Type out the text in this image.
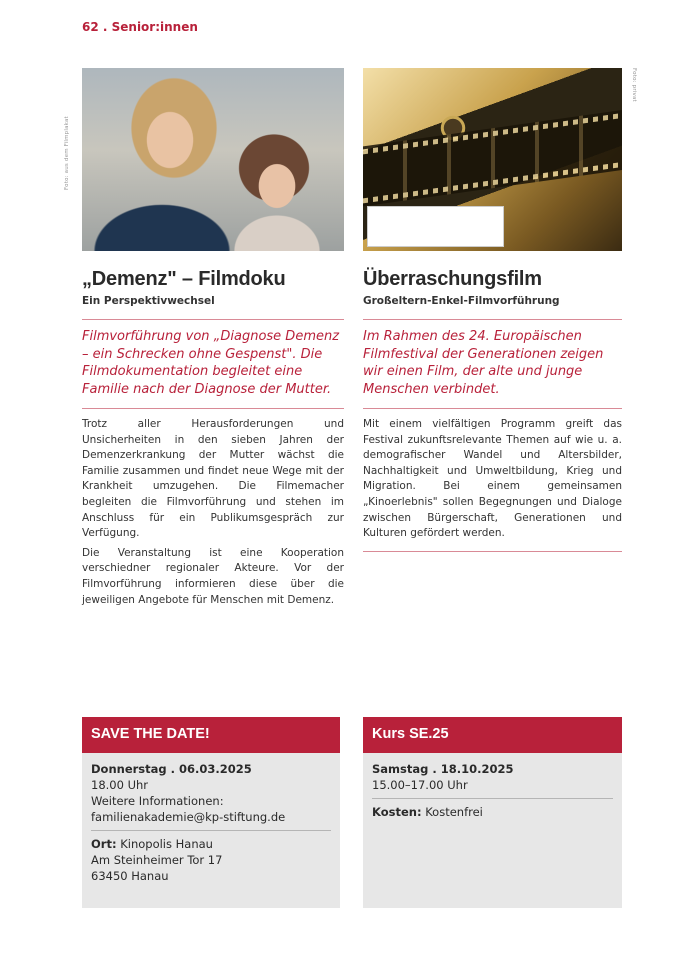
62 . Senior:innen
Foto: aus dem Filmplakat
Foto: privat
„Demenz" – Filmdoku
Ein Perspektivwechsel

Filmvorführung von „Diagnose Demenz – ein Schrecken ohne Gespenst". Die Filmdokumentation begleitet eine Familie nach der Diagnose der Mutter.

Trotz aller Herausforderungen und Unsicherheiten in den sieben Jahren der Demenzerkrankung der Mutter wächst die Familie zusammen und findet neue Wege mit der Krankheit umzugehen. Die Filmemacher begleiten die Filmvorführung und stehen im Anschluss für ein Publikumsgespräch zur Verfügung.

Die Veranstaltung ist eine Kooperation verschiedner regionaler Akteure. Vor der Filmvorführung informieren diese über die jeweiligen Angebote für Menschen mit Demenz.

Überraschungsfilm
Großeltern-Enkel-Filmvorführung

Im Rahmen des 24. Europäischen Filmfestival der Generationen zeigen wir einen Film, der alte und junge Menschen verbindet.

Mit einem vielfältigen Programm greift das Festival zukunftsrelevante Themen auf wie u. a. demografischer Wandel und Altersbilder, Nachhaltigkeit und Umweltbildung, Krieg und Migration. Bei einem gemeinsamen „Kinoerlebnis" sollen Begegnungen und Dialoge zwischen Bürgerschaft, Generationen und Kulturen gefördert werden.

SAVE THE DATE!
Donnerstag . 06.03.2025
18.00 Uhr
Weitere Informationen:
familienakademie@kp-stiftung.de
Ort: Kinopolis Hanau
Am Steinheimer Tor 17
63450 Hanau
Kurs SE.25
Samstag . 18.10.2025
15.00–17.00 Uhr
Kosten: Kostenfrei
